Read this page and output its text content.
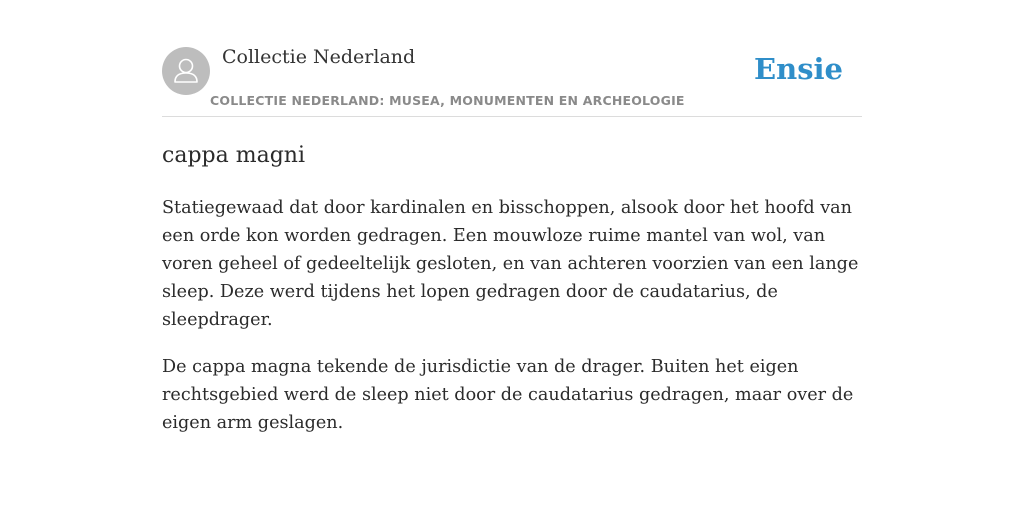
Collectie Nederland
COLLECTIE NEDERLAND: MUSEA, MONUMENTEN EN ARCHEOLOGIE
Ensie
cappa magni

Statiegewaad dat door kardinalen en bisschoppen, alsook door het hoofd van een orde kon worden gedragen. Een mouwloze ruime mantel van wol, van voren geheel of gedeeltelijk gesloten, en van achteren voorzien van een lange sleep. Deze werd tijdens het lopen gedragen door de caudatarius, de sleepdrager.

De cappa magna tekende de jurisdictie van de drager. Buiten het eigen rechtsgebied werd de sleep niet door de caudatarius gedragen, maar over de eigen arm geslagen.
